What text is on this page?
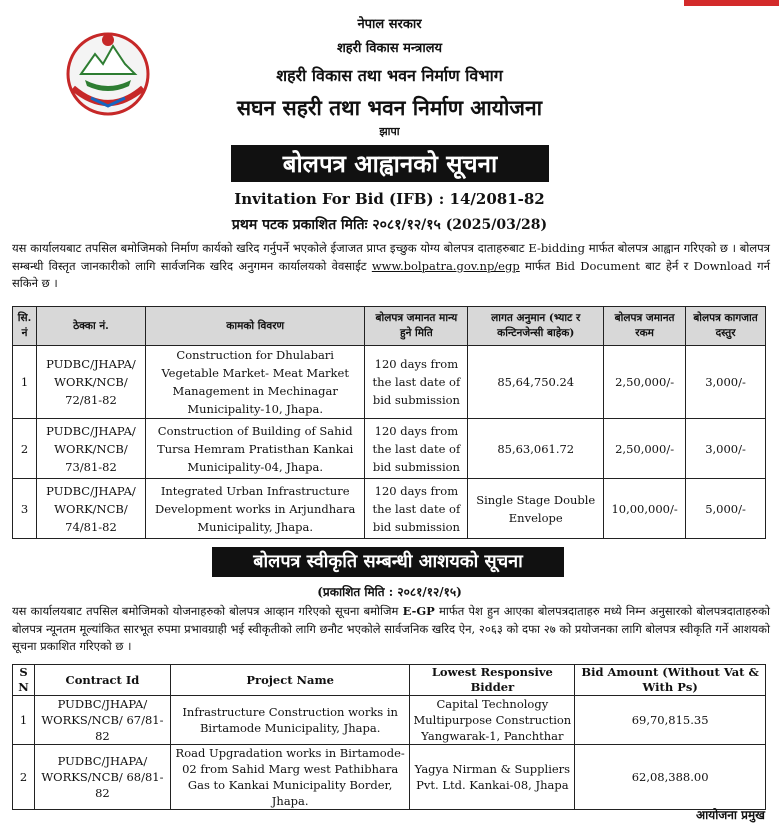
नेपाल सरकार
शहरी विकास मन्त्रालय
शहरी विकास तथा भवन निर्माण विभाग
सघन सहरी तथा भवन निर्माण आयोजना
झापा
बोलपत्र आह्वानको सूचना
Invitation For Bid (IFB) : 14/2081-82
प्रथम पटक प्रकाशित मितिः २०८१/१२/१५ (2025/03/28)
यस कार्यालयबाट तपसिल बमोजिमको निर्माण कार्यको खरिद गर्नुपर्ने भएकोले ईजाजत प्राप्त इच्छुक योग्य बोलपत्र दाताहरुबाट E-bidding मार्फत बोलपत्र आह्वान गरिएको छ । बोलपत्र सम्बन्धी विस्तृत जानकारीको लागि सार्वजनिक खरिद अनुगमन कार्यालयको वेवसाईट www.bolpatra.gov.np/egp मार्फत Bid Document बाट हेर्न र Download गर्न सकिने छ ।
सि. नं	ठेक्का नं.	कामको विवरण	बोलपत्र जमानत मान्य हुने मिति	लागत अनुमान (भ्याट र कन्टिनजेन्सी बाहेक)	बोलपत्र जमानत रकम	बोलपत्र कागजात दस्तुर
1	PUDBC/JHAPA/ WORK/NCB/ 72/81-82	Construction for Dhulabari Vegetable Market- Meat Market Management in Mechinagar Municipality-10, Jhapa.	120 days from the last date of bid submission	85,64,750.24	2,50,000/-	3,000/-
2	PUDBC/JHAPA/ WORK/NCB/ 73/81-82	Construction of Building of Sahid Tursa Hemram Pratisthan Kankai Municipality-04, Jhapa.	120 days from the last date of bid submission	85,63,061.72	2,50,000/-	3,000/-
3	PUDBC/JHAPA/ WORK/NCB/ 74/81-82	Integrated Urban Infrastructure Development works in Arjundhara Municipality, Jhapa.	120 days from the last date of bid submission	Single Stage Double Envelope	10,00,000/-	5,000/-
बोलपत्र स्वीकृति सम्बन्धी आशयको सूचना
(प्रकाशित मिति : २०८१/१२/१५)
यस कार्यालयबाट तपसिल बमोजिमको योजनाहरुको बोलपत्र आव्हान गरिएको सूचना बमोजिम E-GP मार्फत पेश हुन आएका बोलपत्रदाताहरु मध्ये निम्न अनुसारको बोलपत्रदाताहरुको बोलपत्र न्यूनतम मूल्यांकित सारभूत रुपमा प्रभावग्राही भई स्वीकृतीको लागि छनौट भएकोले सार्वजनिक खरिद ऐन, २०६३ को दफा २७ को प्रयोजनका लागि बोलपत्र स्वीकृति गर्ने आशयको सूचना प्रकाशित गरिएको छ ।
S N	Contract Id	Project Name	Lowest Responsive Bidder	Bid Amount (Without Vat & With Ps)
1	PUDBC/JHAPA/ WORKS/NCB/ 67/81-82	Infrastructure Construction works in Birtamode Municipality, Jhapa.	Capital Technology Multipurpose Construction Yangwarak-1, Panchthar	69,70,815.35
2	PUDBC/JHAPA/ WORKS/NCB/ 68/81-82	Road Upgradation works in Birtamode-02 from Sahid Marg west Pathibhara Gas to Kankai Municipality Border, Jhapa.	Yagya Nirman & Suppliers Pvt. Ltd. Kankai-08, Jhapa	62,08,388.00
आयोजना प्रमुख
